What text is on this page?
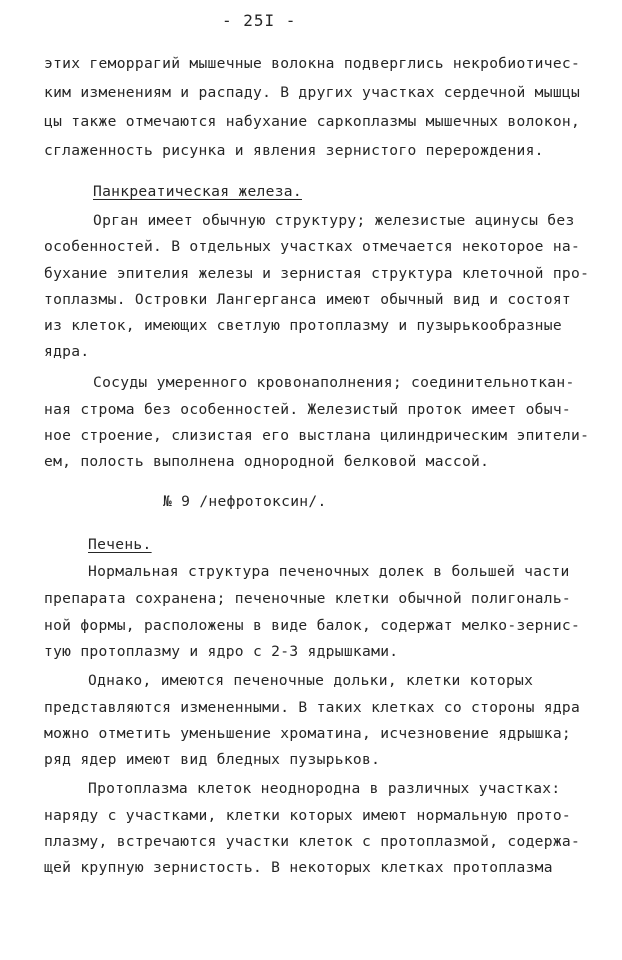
- 25I -
этих геморрагий мышечные волокна подверглись некробиотичес-
ким изменениям и распаду. В других участках сердечной мышцы
цы также отмечаются набухание саркоплазмы мышечных волокон,
сглаженность рисунка и явления зернистого перерождения.
Панкреатическая железа.
Орган имеет обычную структуру; железистые ацинусы без
особенностей. В отдельных участках отмечается некоторое на-
бухание эпителия железы и зернистая структура клеточной про-
топлазмы. Островки Лангерганса имеют обычный вид и состоят
из клеток, имеющих светлую протоплазму и пузырькообразные
ядра.
Сосуды умеренного кровонаполнения; соединительноткан-
ная строма без особенностей. Железистый проток имеет обыч-
ное строение, слизистая его выстлана цилиндрическим эпители-
ем, полость выполнена однородной белковой массой.
№ 9 /нефротоксин/.
Печень.
Нормальная структура печеночных долек в большей части
препарата сохранена; печеночные клетки обычной полигональ-
ной формы, расположены в виде балок, содержат мелко-зернис-
тую протоплазму и ядро с 2-3 ядрышками.
Однако, имеются печеночные дольки, клетки которых
представляются измененными. В таких клетках со стороны ядра
можно отметить уменьшение хроматина, исчезновение ядрышка;
ряд ядер имеют вид бледных пузырьков.
Протоплазма клеток неоднородна в различных участках:
наряду с участками, клетки которых имеют нормальную прото-
плазму, встречаются участки клеток с протоплазмой, содержа-
щей крупную зернистость. В некоторых клетках протоплазма
